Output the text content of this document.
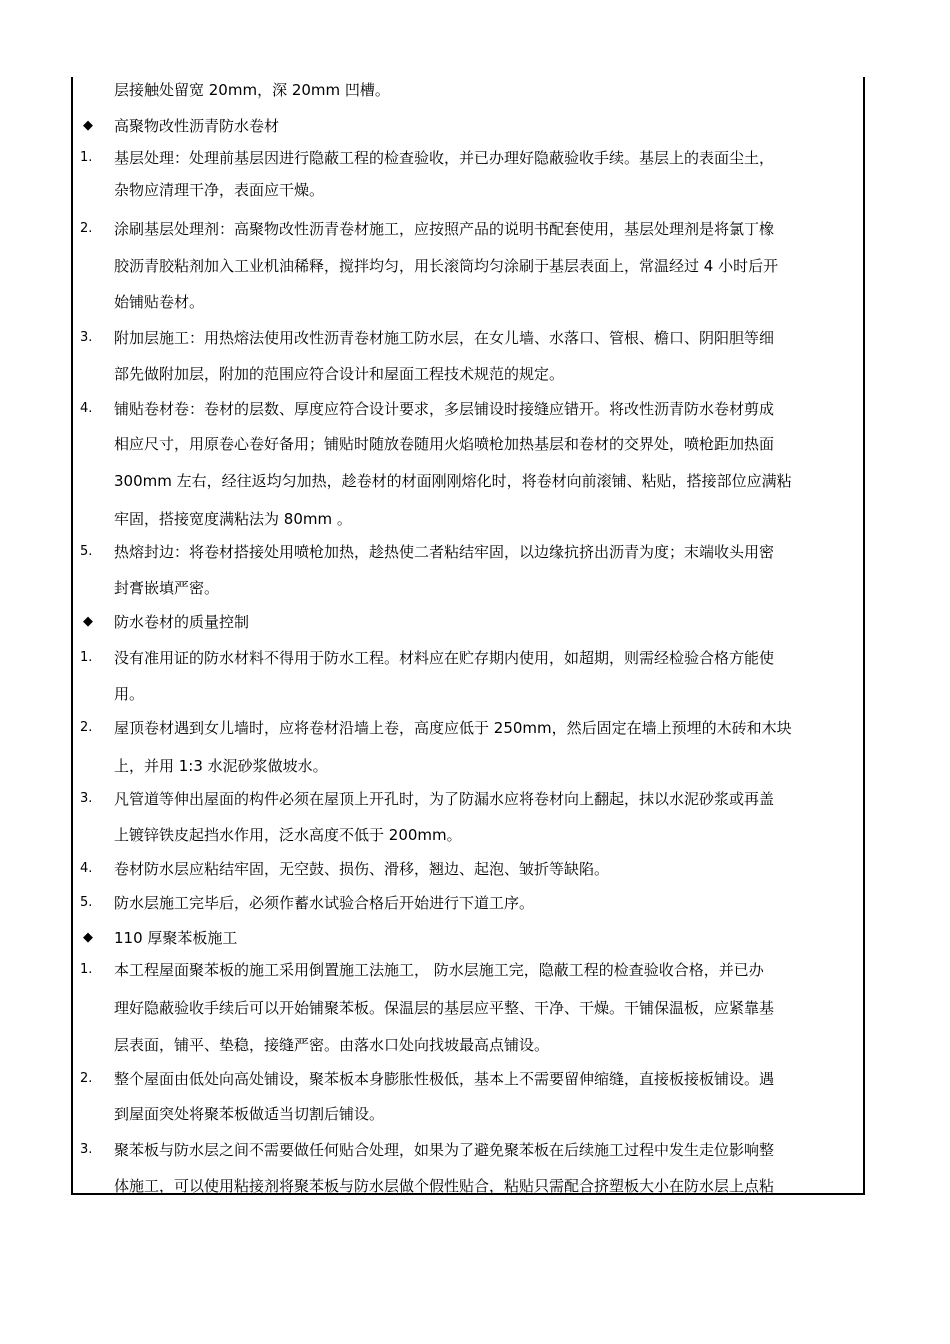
层接触处留宽 20mm，深 20mm 凹槽。
◆ 高聚物改性沥青防水卷材
1. 基层处理：处理前基层因进行隐蔽工程的检查验收，并已办理好隐蔽验收手续。基层上的表面尘土，
杂物应清理干净，表面应干燥。
2. 涂刷基层处理剂：高聚物改性沥青卷材施工，应按照产品的说明书配套使用，基层处理剂是将氯丁橡
胶沥青胶粘剂加入工业机油稀释，搅拌均匀，用长滚筒均匀涂刷于基层表面上，常温经过 4 小时后开
始铺贴卷材。
3. 附加层施工：用热熔法使用改性沥青卷材施工防水层，在女儿墙、水落口、管根、檐口、阴阳胆等细
部先做附加层，附加的范围应符合设计和屋面工程技术规范的规定。
4. 铺贴卷材卷：卷材的层数、厚度应符合设计要求，多层铺设时接缝应错开。将改性沥青防水卷材剪成
相应尺寸，用原卷心卷好备用；铺贴时随放卷随用火焰喷枪加热基层和卷材的交界处，喷枪距加热面
300mm 左右，经往返均匀加热，趁卷材的材面刚刚熔化时，将卷材向前滚铺、粘贴，搭接部位应满粘
牢固，搭接宽度满粘法为 80mm 。
5. 热熔封边：将卷材搭接处用喷枪加热，趁热使二者粘结牢固，以边缘抗挤出沥青为度；末端收头用密
封膏嵌填严密。
◆ 防水卷材的质量控制
1. 没有准用证的防水材料不得用于防水工程。材料应在贮存期内使用，如超期，则需经检验合格方能使
用。
2. 屋顶卷材遇到女儿墙时，应将卷材沿墙上卷，高度应低于 250mm，然后固定在墙上预埋的木砖和木块
上，并用 1:3 水泥砂浆做坡水。
3. 凡管道等伸出屋面的构件必须在屋顶上开孔时，为了防漏水应将卷材向上翻起，抹以水泥砂浆或再盖
上镀锌铁皮起挡水作用，泛水高度不低于 200mm。
4. 卷材防水层应粘结牢固，无空鼓、损伤、滑移，翘边、起泡、皱折等缺陷。
5. 防水层施工完毕后，必须作蓄水试验合格后开始进行下道工序。
◆ 110 厚聚苯板施工
1. 本工程屋面聚苯板的施工采用倒置施工法施工， 防水层施工完，隐蔽工程的检查验收合格，并已办
理好隐蔽验收手续后可以开始铺聚苯板。保温层的基层应平整、干净、干燥。干铺保温板，应紧靠基
层表面，铺平、垫稳，接缝严密。由落水口处向找坡最高点铺设。
2. 整个屋面由低处向高处铺设，聚苯板本身膨胀性极低，基本上不需要留伸缩缝，直接板接板铺设。遇
到屋面突处将聚苯板做适当切割后铺设。
3. 聚苯板与防水层之间不需要做任何贴合处理，如果为了避免聚苯板在后续施工过程中发生走位影响整
体施工，可以使用粘接剂将聚苯板与防水层做个假性贴合，粘贴只需配合挤塑板大小在防水层上点粘
